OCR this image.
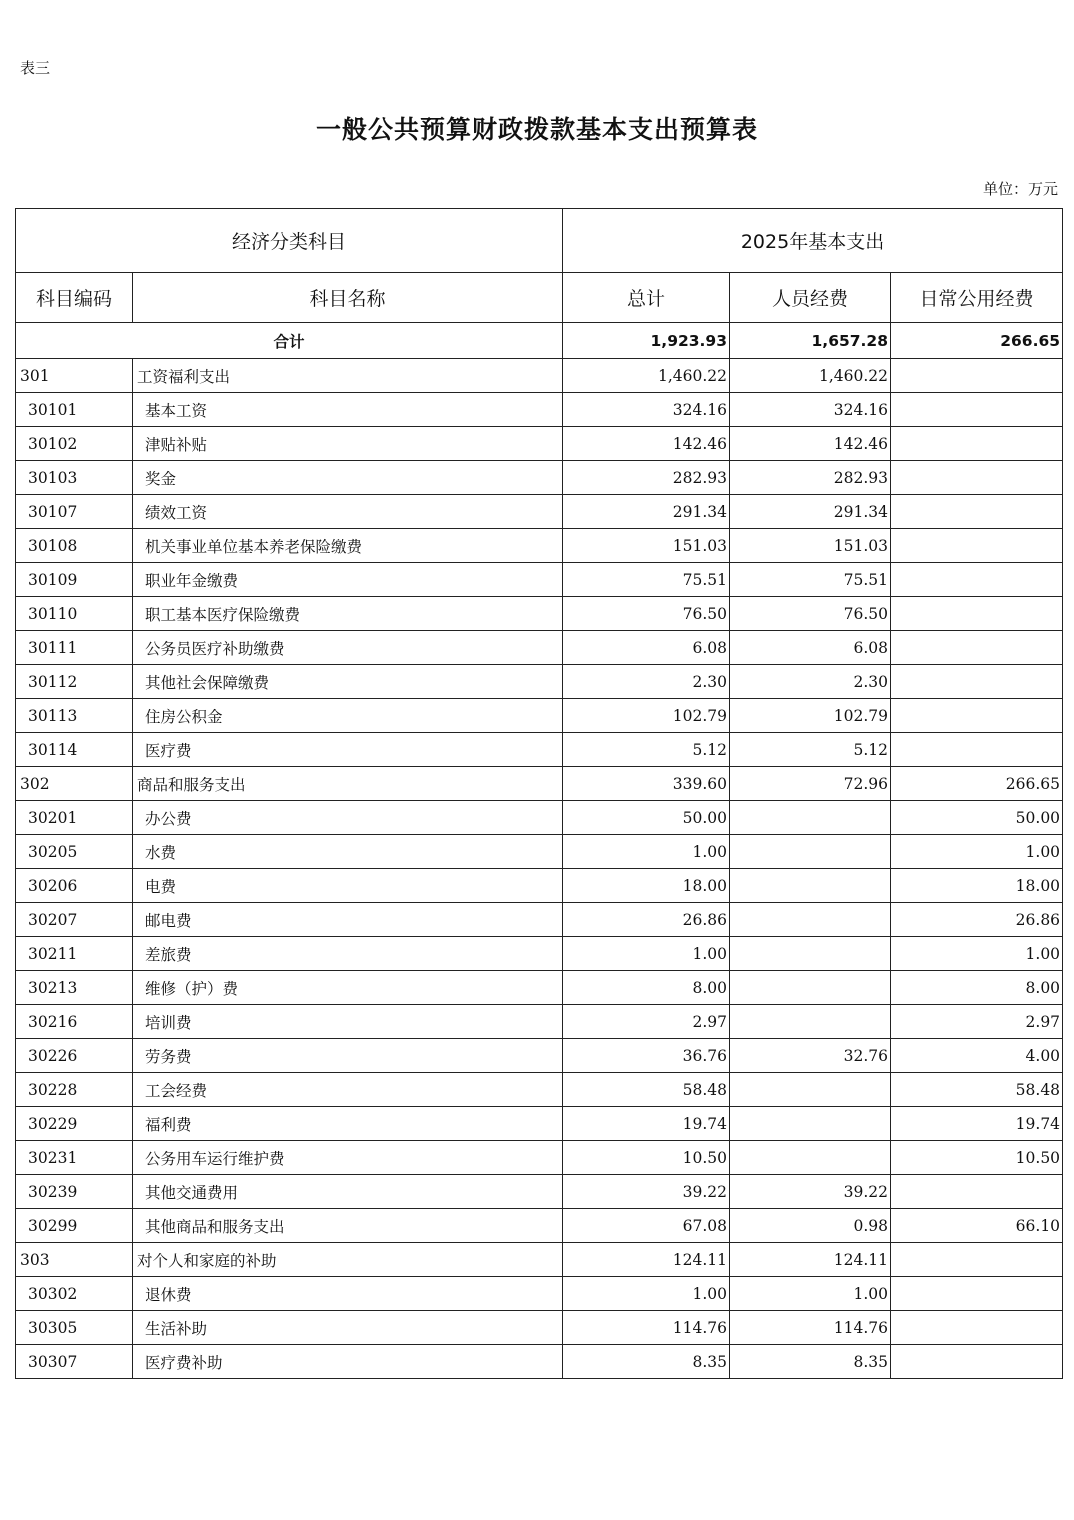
表三
一般公共预算财政拨款基本支出预算表
单位：万元
经济分类科目		2025年基本支出		
科目编码	科目名称	总计	人员经费	日常公用经费
合计		1,923.93	1,657.28	266.65
301	工资福利支出	1,460.22	1,460.22	
30101	基本工资	324.16	324.16	
30102	津贴补贴	142.46	142.46	
30103	奖金	282.93	282.93	
30107	绩效工资	291.34	291.34	
30108	机关事业单位基本养老保险缴费	151.03	151.03	
30109	职业年金缴费	75.51	75.51	
30110	职工基本医疗保险缴费	76.50	76.50	
30111	公务员医疗补助缴费	6.08	6.08	
30112	其他社会保障缴费	2.30	2.30	
30113	住房公积金	102.79	102.79	
30114	医疗费	5.12	5.12	
302	商品和服务支出	339.60	72.96	266.65
30201	办公费	50.00		50.00
30205	水费	1.00		1.00
30206	电费	18.00		18.00
30207	邮电费	26.86		26.86
30211	差旅费	1.00		1.00
30213	维修（护）费	8.00		8.00
30216	培训费	2.97		2.97
30226	劳务费	36.76	32.76	4.00
30228	工会经费	58.48		58.48
30229	福利费	19.74		19.74
30231	公务用车运行维护费	10.50		10.50
30239	其他交通费用	39.22	39.22	
30299	其他商品和服务支出	67.08	0.98	66.10
303	对个人和家庭的补助	124.11	124.11	
30302	退休费	1.00	1.00	
30305	生活补助	114.76	114.76	
30307	医疗费补助	8.35	8.35	
